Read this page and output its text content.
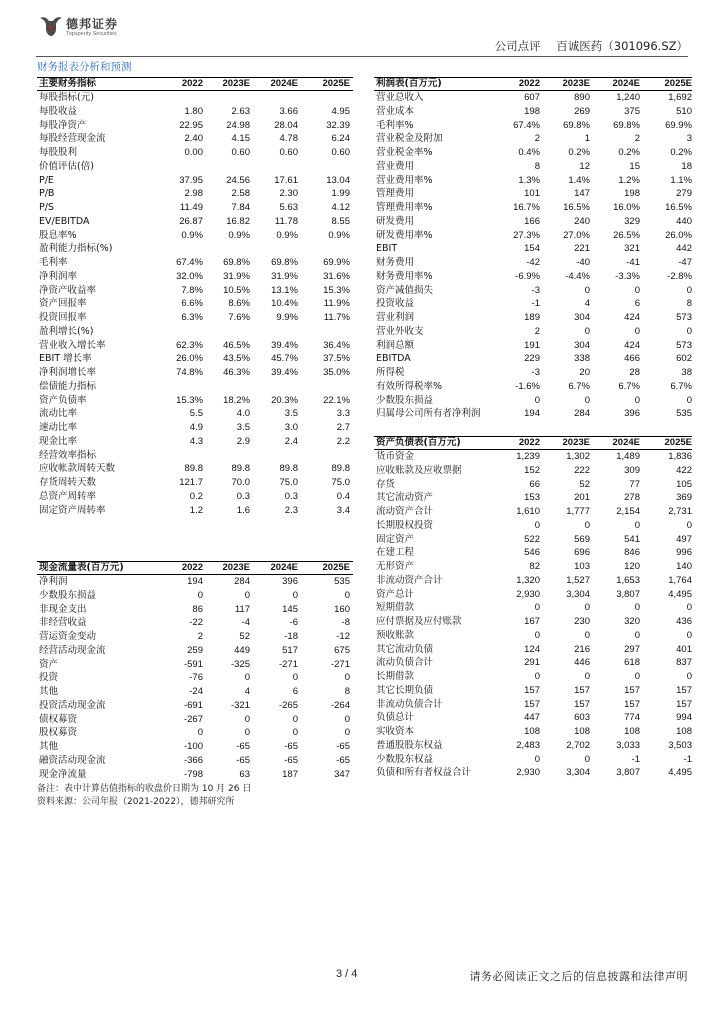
德邦证券
Topsperity Securities
公司点评 百诚医药（301096.SZ）
财务报表分析和预测
主要财务指标	2022	2023E	2024E	2025E
每股指标(元)
每股收益	1.80	2.63	3.66	4.95
每股净资产	22.95	24.98	28.04	32.39
每股经营现金流	2.40	4.15	4.78	6.24
每股股利	0.00	0.60	0.60	0.60
价值评估(倍)
P/E	37.95	24.56	17.61	13.04
P/B	2.98	2.58	2.30	1.99
P/S	11.49	7.84	5.63	4.12
EV/EBITDA	26.87	16.82	11.78	8.55
股息率%	0.9%	0.9%	0.9%	0.9%
盈利能力指标(%)
毛利率	67.4%	69.8%	69.8%	69.9%
净利润率	32.0%	31.9%	31.9%	31.6%
净资产收益率	7.8%	10.5%	13.1%	15.3%
资产回报率	6.6%	8.6%	10.4%	11.9%
投资回报率	6.3%	7.6%	9.9%	11.7%
盈利增长(%)
营业收入增长率	62.3%	46.5%	39.4%	36.4%
EBIT 增长率	26.0%	43.5%	45.7%	37.5%
净利润增长率	74.8%	46.3%	39.4%	35.0%
偿债能力指标
资产负债率	15.3%	18.2%	20.3%	22.1%
流动比率	5.5	4.0	3.5	3.3
速动比率	4.9	3.5	3.0	2.7
现金比率	4.3	2.9	2.4	2.2
经营效率指标
应收帐款周转天数	89.8	89.8	89.8	89.8
存货周转天数	121.7	70.0	75.0	75.0
总资产周转率	0.2	0.3	0.3	0.4
固定资产周转率	1.2	1.6	2.3	3.4
现金流量表(百万元)	2022	2023E	2024E	2025E
净利润	194	284	396	535
少数股东损益	0	0	0	0
非现金支出	86	117	145	160
非经营收益	-22	-4	-6	-8
营运资金变动	2	52	-18	-12
经营活动现金流	259	449	517	675
资产	-591	-325	-271	-271
投资	-76	0	0	0
其他	-24	4	6	8
投资活动现金流	-691	-321	-265	-264
债权募资	-267	0	0	0
股权募资	0	0	0	0
其他	-100	-65	-65	-65
融资活动现金流	-366	-65	-65	-65
现金净流量	-798	63	187	347
备注：表中计算估值指标的收盘价日期为 10 月 26 日
资料来源：公司年报（2021-2022），德邦研究所
利润表(百万元)	2022	2023E	2024E	2025E
营业总收入	607	890	1,240	1,692
营业成本	198	269	375	510
毛利率%	67.4%	69.8%	69.8%	69.9%
营业税金及附加	2	1	2	3
营业税金率%	0.4%	0.2%	0.2%	0.2%
营业费用	8	12	15	18
营业费用率%	1.3%	1.4%	1.2%	1.1%
管理费用	101	147	198	279
管理费用率%	16.7%	16.5%	16.0%	16.5%
研发费用	166	240	329	440
研发费用率%	27.3%	27.0%	26.5%	26.0%
EBIT	154	221	321	442
财务费用	-42	-40	-41	-47
财务费用率%	-6.9%	-4.4%	-3.3%	-2.8%
资产减值损失	-3	0	0	0
投资收益	-1	4	6	8
营业利润	189	304	424	573
营业外收支	2	0	0	0
利润总额	191	304	424	573
EBITDA	229	338	466	602
所得税	-3	20	28	38
有效所得税率%	-1.6%	6.7%	6.7%	6.7%
少数股东损益	0	0	0	0
归属母公司所有者净利润	194	284	396	535
资产负债表(百万元)	2022	2023E	2024E	2025E
货币资金	1,239	1,302	1,489	1,836
应收账款及应收票据	152	222	309	422
存货	66	52	77	105
其它流动资产	153	201	278	369
流动资产合计	1,610	1,777	2,154	2,731
长期股权投资	0	0	0	0
固定资产	522	569	541	497
在建工程	546	696	846	996
无形资产	82	103	120	140
非流动资产合计	1,320	1,527	1,653	1,764
资产总计	2,930	3,304	3,807	4,495
短期借款	0	0	0	0
应付票据及应付账款	167	230	320	436
预收账款	0	0	0	0
其它流动负债	124	216	297	401
流动负债合计	291	446	618	837
长期借款	0	0	0	0
其它长期负债	157	157	157	157
非流动负债合计	157	157	157	157
负债总计	447	603	774	994
实收资本	108	108	108	108
普通股股东权益	2,483	2,702	3,033	3,503
少数股东权益	0	0	-1	-1
负债和所有者权益合计	2,930	3,304	3,807	4,495
3 / 4	请务必阅读正文之后的信息披露和法律声明
